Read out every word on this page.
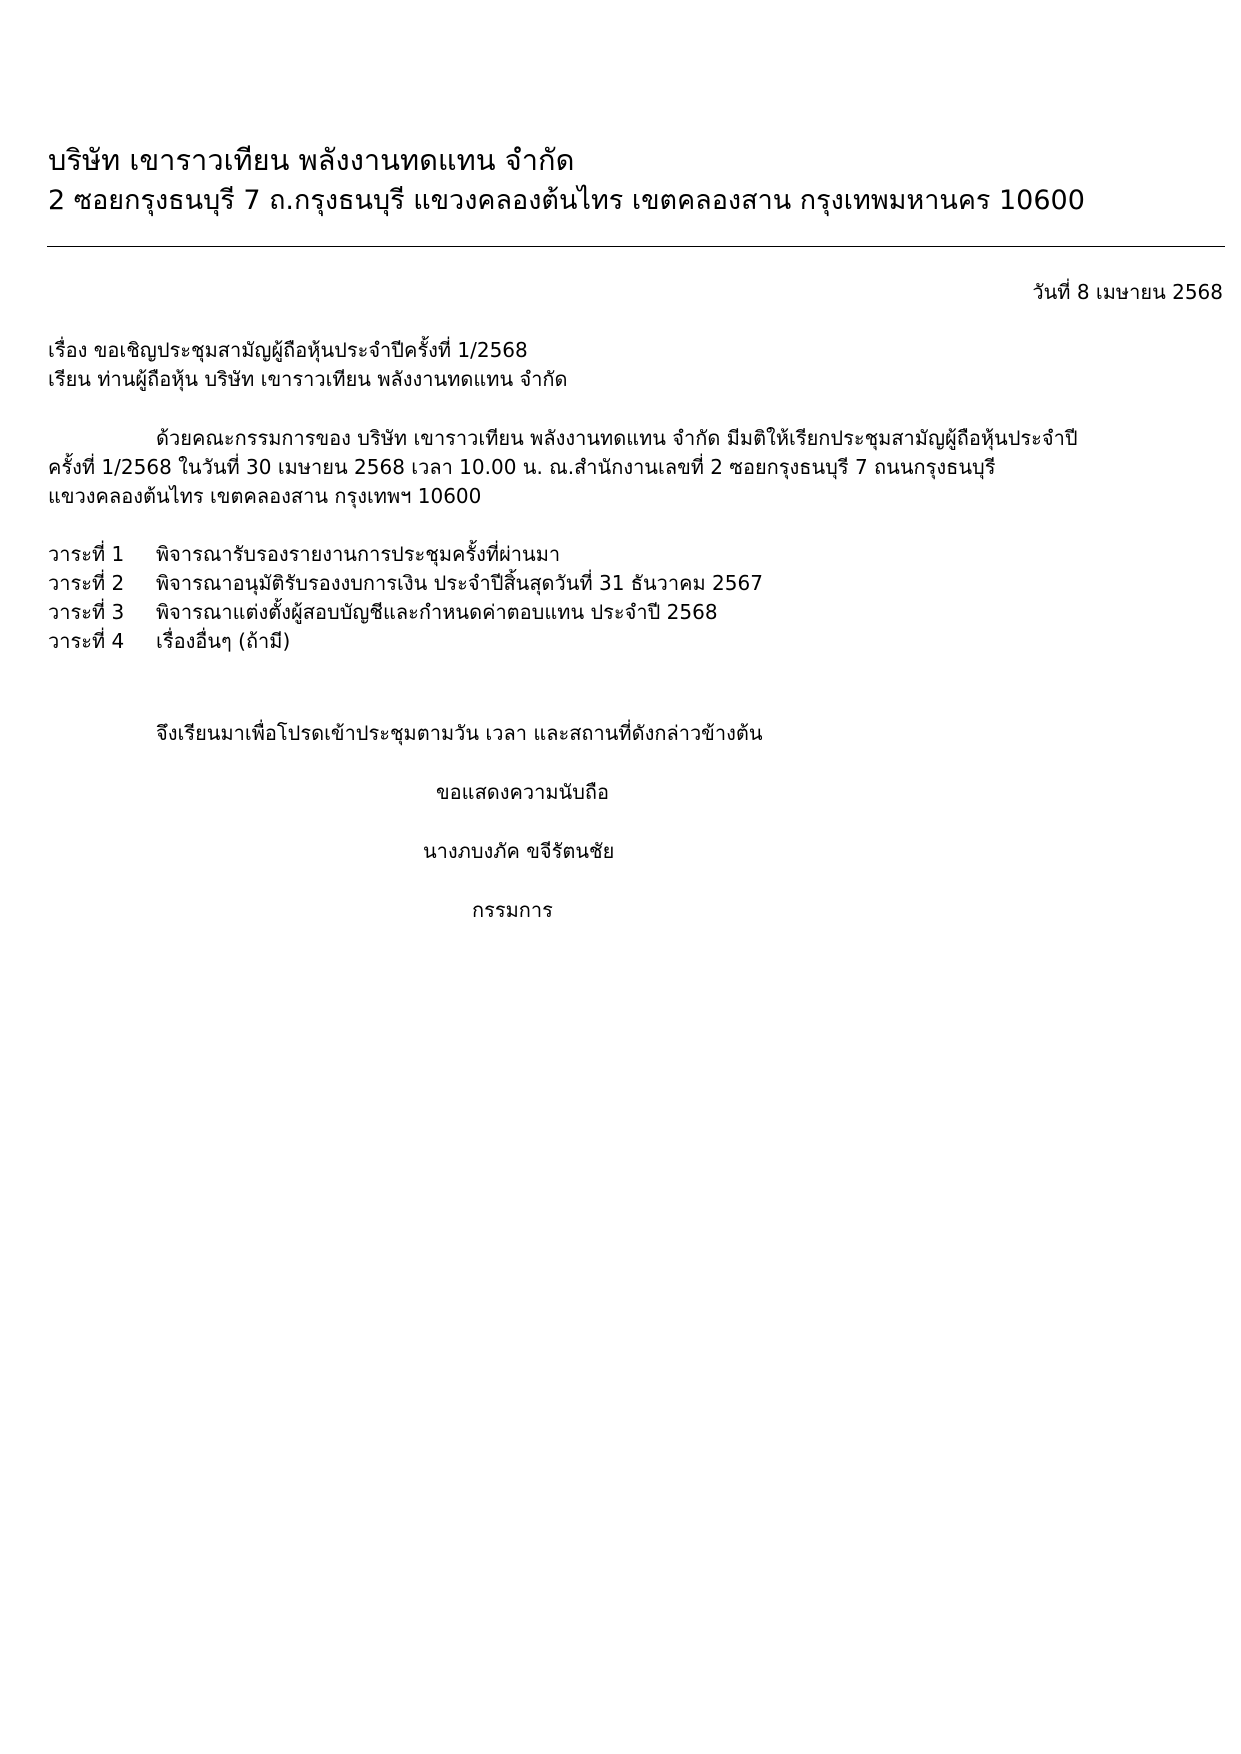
บริษัท เขาราวเทียน พลังงานทดแทน จำกัด
2 ซอยกรุงธนบุรี 7 ถ.กรุงธนบุรี แขวงคลองต้นไทร เขตคลองสาน กรุงเทพมหานคร 10600
วันที่ 8 เมษายน 2568
เรื่อง ขอเชิญประชุมสามัญผู้ถือหุ้นประจำปีครั้งที่ 1/2568
เรียน ท่านผู้ถือหุ้น บริษัท เขาราวเทียน พลังงานทดแทน จำกัด
ด้วยคณะกรรมการของ บริษัท เขาราวเทียน พลังงานทดแทน จำกัด มีมติให้เรียกประชุมสามัญผู้ถือหุ้นประจำปี
ครั้งที่ 1/2568 ในวันที่ 30 เมษายน 2568 เวลา 10.00 น. ณ.สำนักงานเลขที่ 2 ซอยกรุงธนบุรี 7 ถนนกรุงธนบุรี
แขวงคลองต้นไทร เขตคลองสาน กรุงเทพฯ 10600
วาระที่ 1	พิจารณารับรองรายงานการประชุมครั้งที่ผ่านมา
วาระที่ 2	พิจารณาอนุมัติรับรองงบการเงิน ประจำปีสิ้นสุดวันที่ 31 ธันวาคม 2567
วาระที่ 3	พิจารณาแต่งตั้งผู้สอบบัญชีและกำหนดค่าตอบแทน ประจำปี 2568
วาระที่ 4	เรื่องอื่นๆ (ถ้ามี)
จึงเรียนมาเพื่อโปรดเข้าประชุมตามวัน เวลา และสถานที่ดังกล่าวข้างต้น
ขอแสดงความนับถือ
นางภบงภัค ขจีรัตนชัย
กรรมการ
